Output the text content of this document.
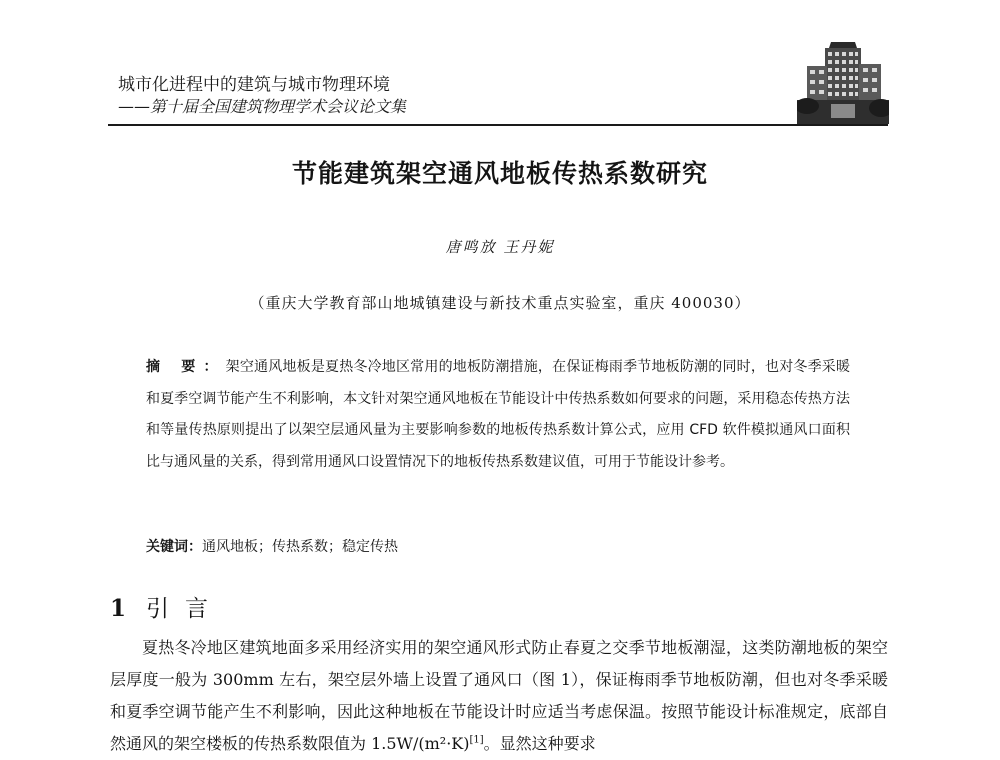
城市化进程中的建筑与城市物理环境
——第十届全国建筑物理学术会议论文集
节能建筑架空通风地板传热系数研究
唐鸣放 王丹妮
（重庆大学教育部山地城镇建设与新技术重点实验室，重庆 400030）
摘 要：架空通风地板是夏热冬冷地区常用的地板防潮措施，在保证梅雨季节地板防潮的同时，也对冬季采暖和夏季空调节能产生不利影响，本文针对架空通风地板在节能设计中传热系数如何要求的问题，采用稳态传热方法和等量传热原则提出了以架空层通风量为主要影响参数的地板传热系数计算公式，应用 CFD 软件模拟通风口面积比与通风量的关系，得到常用通风口设置情况下的地板传热系数建议值，可用于节能设计参考。
关键词：通风地板；传热系数；稳定传热
1 引言
夏热冬冷地区建筑地面多采用经济实用的架空通风形式防止春夏之交季节地板潮湿，这类防潮地板的架空层厚度一般为 300mm 左右，架空层外墙上设置了通风口（图 1），保证梅雨季节地板防潮，但也对冬季采暖和夏季空调节能产生不利影响，因此这种地板在节能设计时应适当考虑保温。按照节能设计标准规定，底部自然通风的架空楼板的传热系数限值为 1.5W/(m²·K)[1]。显然这种要求
